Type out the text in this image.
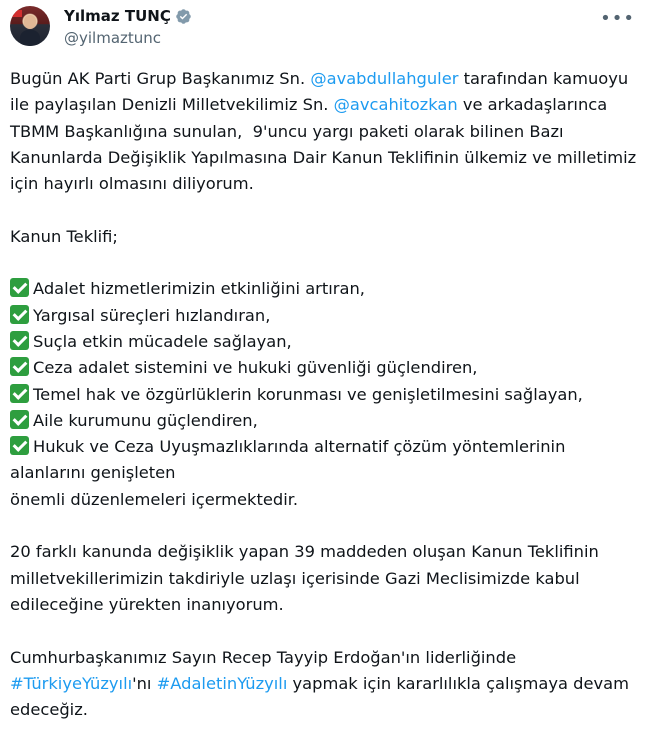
Yılmaz TUNÇ
@yilmaztunc
•••
Bugün AK Parti Grup Başkanımız Sn. @avabdullahguler tarafından kamuoyu ile paylaşılan Denizli Milletvekilimiz Sn. @avcahitozkan ve arkadaşlarınca TBMM Başkanlığına sunulan,  9'uncu yargı paketi olarak bilinen Bazı Kanunlarda Değişiklik Yapılmasına Dair Kanun Teklifinin ülkemiz ve milletimiz için hayırlı olmasını diliyorum.

Kanun Teklifi;

Adalet hizmetlerimizin etkinliğini artıran,
Yargısal süreçleri hızlandıran,
Suçla etkin mücadele sağlayan,
Ceza adalet sistemini ve hukuki güvenliği güçlendiren,
Temel hak ve özgürlüklerin korunması ve genişletilmesini sağlayan,
Aile kurumunu güçlendiren,
Hukuk ve Ceza Uyuşmazlıklarında alternatif çözüm yöntemlerinin alanlarını genişleten
önemli düzenlemeleri içermektedir.

20 farklı kanunda değişiklik yapan 39 maddeden oluşan Kanun Teklifinin milletvekillerimizin takdiriyle uzlaşı içerisinde Gazi Meclisimizde kabul edileceğine yürekten inanıyorum.

Cumhurbaşkanımız Sayın Recep Tayyip Erdoğan'ın liderliğinde #TürkiyeYüzyılı'nı #AdaletinYüzyılı yapmak için kararlılıkla çalışmaya devam edeceğiz.
